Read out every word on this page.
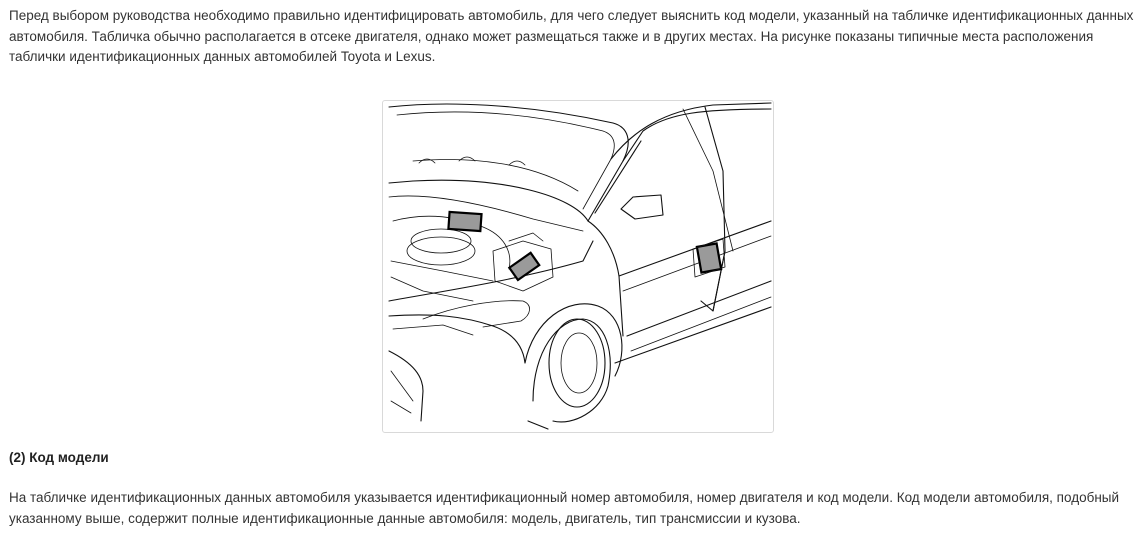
Перед выбором руководства необходимо правильно идентифицировать автомобиль, для чего следует выяснить код модели, указанный на табличке идентификационных данных автомобиля. Табличка обычно располагается в отсеке двигателя, однако может размещаться также и в других местах. На рисунке показаны типичные места расположения таблички идентификационных данных автомобилей Toyota и Lexus.

(2) Код модели

На табличке идентификационных данных автомобиля указывается идентификационный номер автомобиля, номер двигателя и код модели. Код модели автомобиля, подобный указанному выше, содержит полные идентификационные данные автомобиля: модель, двигатель, тип трансмиссии и кузова.
